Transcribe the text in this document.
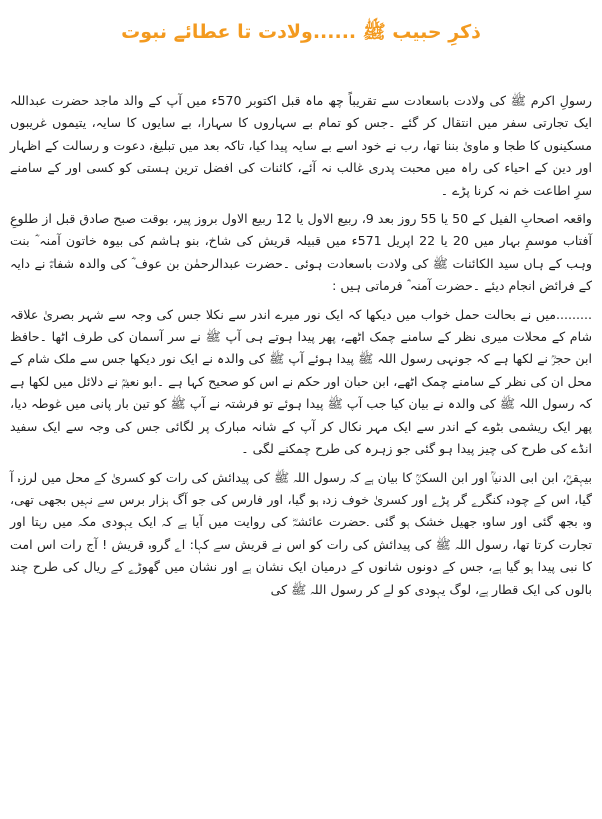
ذکرِ حبیب ﷺ ......ولادت تا عطائے نبوت

رسولِ اکرم ﷺ کی ولادت باسعادت سے تقریباً چھ ماہ قبل اکتوبر 570ء میں آپ کے والد ماجد حضرت عبداللہ ایک تجارتی سفر میں انتقال کر گئے ۔جس کو تمام بے سہاروں کا سہارا، بے سایوں کا سایہ، یتیموں غریبوں مسکینوں کا طجا و ماویٰ بننا تھا، رب نے خود اسے بے سایہ پیدا کیا، تاکہ بعد میں تبلیغ، دعوت و رسالت کے اظہار اور دین کے احیاء کی راہ میں محبت پدری غالب نہ آئے، کائنات کی افضل ترین ہستی کو کسی اور کے سامنے سرِ اطاعت خم نہ کرنا پڑے ۔

واقعہ اصحابِ الفیل کے 50 یا 55 روز بعد 9، ربیع الاول یا 12 ربیع الاول بروز پیر، بوقت صبح صادق قبل از طلوعِ آفتاب موسمِ بہار میں 20 یا 22 اپریل 571ء میں قبیلہ قریش کی شاخ، بنو ہاشم کی بیوہ خاتون آمنہ ؓ بنت وہب کے ہاں سید الکائنات ﷺ کی ولادت باسعادت ہوئی ۔حضرت عبدالرحمٰن بن عوف ؓ کی والدہ شفاءؓ نے دایہ کے فرائض انجام دیئے ۔حضرت آمنہ ؓ فرماتی ہیں :

.........میں نے بحالت حمل خواب میں دیکھا کہ ایک نور میرے اندر سے نکلا جس کی وجہ سے شہر بصریٰ علاقہ شام کے محلات میری نظر کے سامنے چمک اٹھے، پھر پیدا ہوتے ہی آپ ﷺ نے سر آسمان کی طرف اٹھا ۔حافظ ابن حجرؒ نے لکھا ہے کہ جونہی رسول اللہ ﷺ پیدا ہوئے آپ ﷺ کی والدہ نے ایک نور دیکھا جس سے ملک شام کے محل ان کی نظر کے سامنے چمک اٹھے، ابن حبان اور حکم نے اس کو صحیح کہا ہے ۔ابو نعیمؒ نے دلائل میں لکھا ہے کہ رسول اللہ ﷺ کی والدہ نے بیان کیا جب آپ ﷺ پیدا ہوئے تو فرشتہ نے آپ ﷺ کو تین بار پانی میں غوطہ دیا، پھر ایک ریشمی بٹوے کے اندر سے ایک مہر نکال کر آپ کے شانہ مبارک پر لگائی جس کی وجہ سے ایک سفید انڈے کی طرح کی چیز پیدا ہو گئی جو زہرہ کی طرح چمکنے لگی ۔

بیہقیؒ، ابن ابی الدنیاؒ اور ابن السکنؒ کا بیان ہے کہ رسول اللہ ﷺ کی پیدائش کی رات کو کسریٰ کے محل میں لرزہ آ گیا، اس کے چودہ کنگرے گر پڑے اور کسریٰ خوف زدہ ہو گیا، اور فارس کی جو آگ ہزار برس سے نہیں بجھی تھی، وہ بجھ گئی اور ساوہ جھیل خشک ہو گئی ۔حضرت عائشہؓ کی روایت میں آیا ہے کہ ایک یہودی مکہ میں رہتا اور تجارت کرتا تھا، رسول اللہ ﷺ کی پیدائش کی رات کو اس نے قریش سے کہا: اے گروہ قریش ! آج رات اس امت کا نبی پیدا ہو گیا ہے، جس کے دونوں شانوں کے درمیان ایک نشان ہے اور نشان میں گھوڑے کے ریال کی طرح چند بالوں کی ایک قطار ہے، لوگ یہودی کو لے کر رسول اللہ ﷺ کی
